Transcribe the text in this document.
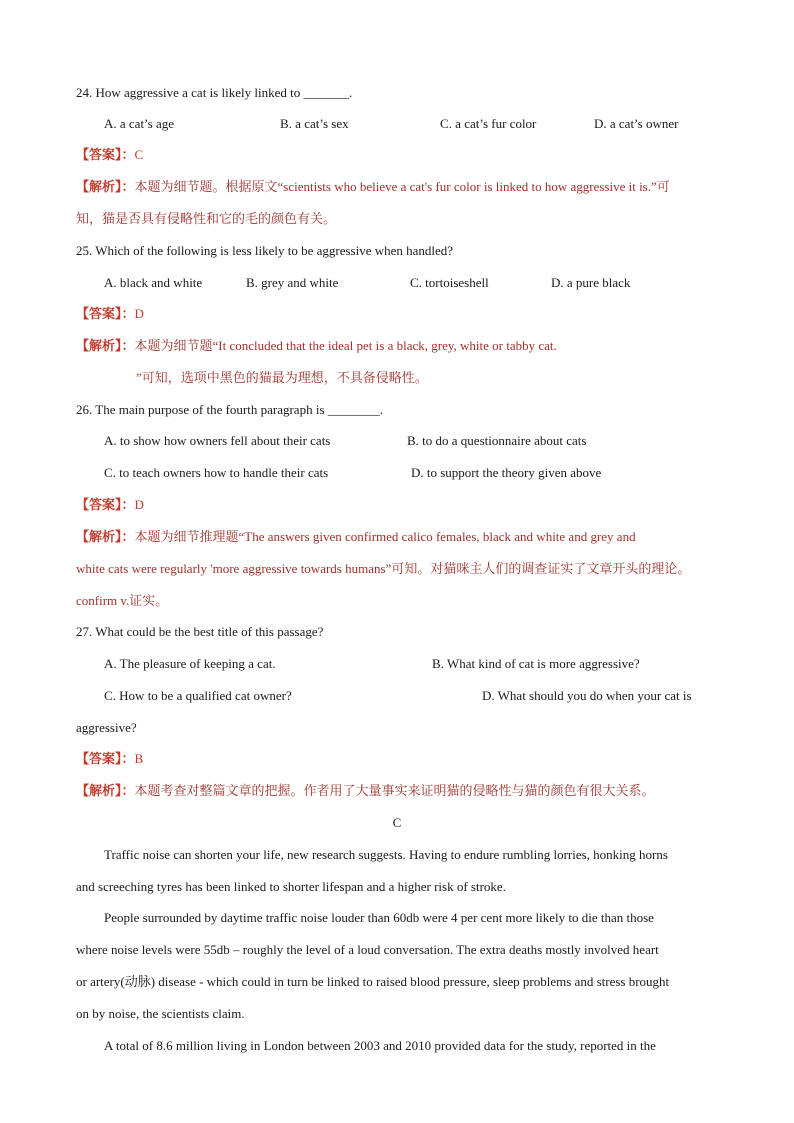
24. How aggressive a cat is likely linked to _______.
A. a cat’s age	B. a cat’s sex	C. a cat’s fur color	D. a cat’s owner
【答案】：C
【解析】：本题为细节题。根据原文“scientists who believe a cat's fur color is linked to how aggressive it is.”可
知，猫是否具有侵略性和它的毛的颜色有关。
25. Which of the following is less likely to be aggressive when handled?
A. black and white	B. grey and white	C. tortoiseshell	D. a pure black
【答案】：D
【解析】：本题为细节题“It concluded that the ideal pet is a black, grey, white or tabby cat.
”可知，选项中黑色的猫最为理想，不具备侵略性。
26. The main purpose of the fourth paragraph is ________.
A. to show how owners fell about their cats	B. to do a questionnaire about cats
C. to teach owners how to handle their cats	D. to support the theory given above
【答案】：D
【解析】：本题为细节推理题“The answers given confirmed calico females, black and white and grey and
white cats were regularly 'more aggressive towards humans”可知。对猫咪主人们的调查证实了文章开头的理论。
confirm v.证实。
27. What could be the best title of this passage?
A. The pleasure of keeping a cat.	B. What kind of cat is more aggressive?
C. How to be a qualified cat owner?	D. What should you do when your cat is
aggressive?
【答案】：B
【解析】：本题考查对整篇文章的把握。作者用了大量事实来证明猫的侵略性与猫的颜色有很大关系。
C
Traffic noise can shorten your life, new research suggests. Having to endure rumbling lorries, honking horns
and screeching tyres has been linked to shorter lifespan and a higher risk of stroke.
People surrounded by daytime traffic noise louder than 60db were 4 per cent more likely to die than those
where noise levels were 55db – roughly the level of a loud conversation. The extra deaths mostly involved heart
or artery(动脉) disease - which could in turn be linked to raised blood pressure, sleep problems and stress brought
on by noise, the scientists claim.
A total of 8.6 million living in London between 2003 and 2010 provided data for the study, reported in the
